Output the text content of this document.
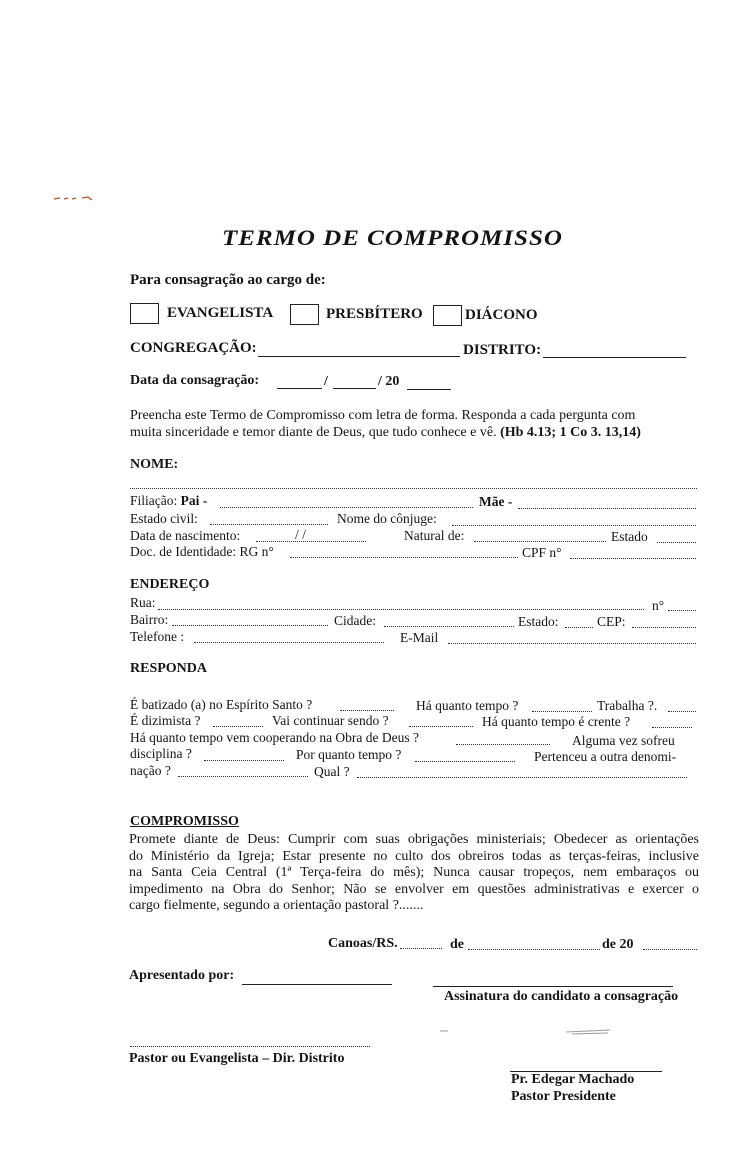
TERMO DE COMPROMISSO
Para consagração ao cargo de:
EVANGELISTA	PRESBÍTERO	DIÁCONO
CONGREGAÇÃO:	DISTRITO:
Data da consagração:	/	/ 20
Preencha este Termo de Compromisso com letra de forma. Responda a cada pergunta com
muita sinceridade e temor diante de Deus, que tudo conhece e vê. (Hb 4.13; 1 Co 3. 13,14)
NOME:
Filiação: Pai -	Mãe -
Estado civil:	Nome do cônjuge:
Data de nascimento:	/ /	Natural de:	Estado
Doc. de Identidade: RG n°	CPF n°
ENDEREÇO
Rua:	n°
Bairro:	Cidade:	Estado:	CEP:
Telefone :	E-Mail
RESPONDA
É batizado (a) no Espírito Santo ?	Há quanto tempo ?	Trabalha ?.
É dizimista ?	Vai continuar sendo ?	Há quanto tempo é crente ?
Há quanto tempo vem cooperando na Obra de Deus ?	Alguma vez sofreu
disciplina ?	Por quanto tempo ?	Pertenceu a outra denomi-
nação ?	Qual ?
COMPROMISSO
Promete diante de Deus: Cumprir com suas obrigações ministeriais; Obedecer as orientações
do Ministério da Igreja; Estar presente no culto dos obreiros todas as terças-feiras, inclusive
na Santa Ceia Central (1ª Terça-feira do mês); Nunca causar tropeços, nem embaraços ou
impedimento na Obra do Senhor; Não se envolver em questões administrativas e exercer o
cargo fielmente, segundo a orientação pastoral ?.......
Canoas/RS.	de	de 20
Apresentado por:
Assinatura do candidato a consagração
Pastor ou Evangelista – Dir. Distrito
Pr. Edegar Machado
Pastor Presidente
